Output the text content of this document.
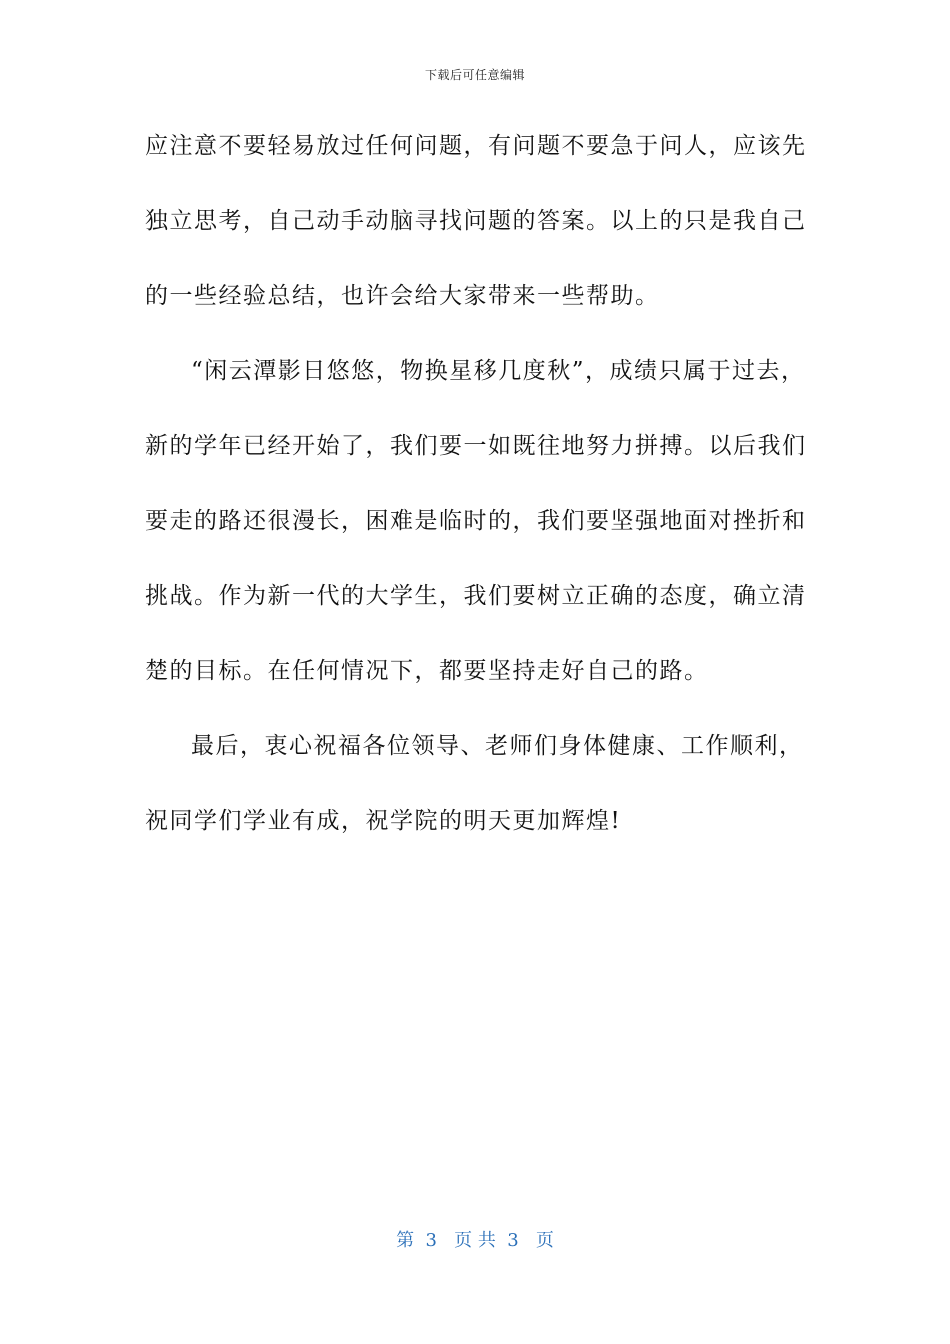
下载后可任意编辑
应注意不要轻易放过任何问题，有问题不要急于问人，应该先
独立思考，自己动手动脑寻找问题的答案。以上的只是我自己
的一些经验总结，也许会给大家带来一些帮助。
“闲云潭影日悠悠，物换星移几度秋”，成绩只属于过去，
新的学年已经开始了，我们要一如既往地努力拼搏。以后我们
要走的路还很漫长，困难是临时的，我们要坚强地面对挫折和
挑战。作为新一代的大学生，我们要树立正确的态度，确立清
楚的目标。在任何情况下，都要坚持走好自己的路。
最后，衷心祝福各位领导、老师们身体健康、工作顺利，
祝同学们学业有成，祝学院的明天更加辉煌!
第  3   页 共  3   页
